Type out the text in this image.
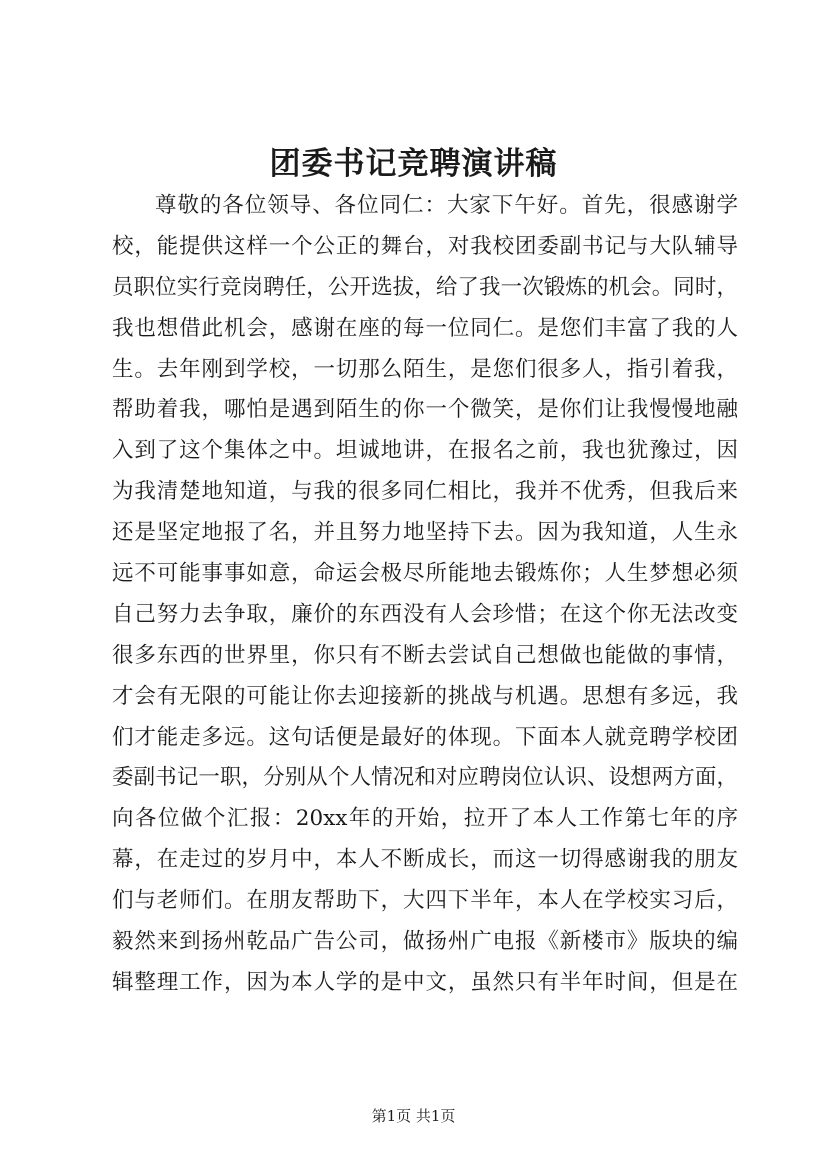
团委书记竞聘演讲稿
尊敬的各位领导、各位同仁：大家下午好。首先，很感谢学
校，能提供这样一个公正的舞台，对我校团委副书记与大队辅导
员职位实行竞岗聘任，公开选拔，给了我一次锻炼的机会。同时，
我也想借此机会，感谢在座的每一位同仁。是您们丰富了我的人
生。去年刚到学校，一切那么陌生，是您们很多人，指引着我，
帮助着我，哪怕是遇到陌生的你一个微笑，是你们让我慢慢地融
入到了这个集体之中。坦诚地讲，在报名之前，我也犹豫过，因
为我清楚地知道，与我的很多同仁相比，我并不优秀，但我后来
还是坚定地报了名，并且努力地坚持下去。因为我知道，人生永
远不可能事事如意，命运会极尽所能地去锻炼你；人生梦想必须
自己努力去争取，廉价的东西没有人会珍惜；在这个你无法改变
很多东西的世界里，你只有不断去尝试自己想做也能做的事情，
才会有无限的可能让你去迎接新的挑战与机遇。思想有多远，我
们才能走多远。这句话便是最好的体现。下面本人就竞聘学校团
委副书记一职，分别从个人情况和对应聘岗位认识、设想两方面，
向各位做个汇报：20xx年的开始，拉开了本人工作第七年的序
幕，在走过的岁月中，本人不断成长，而这一切得感谢我的朋友
们与老师们。在朋友帮助下，大四下半年，本人在学校实习后，
毅然来到扬州乾品广告公司，做扬州广电报《新楼市》版块的编
辑整理工作，因为本人学的是中文，虽然只有半年时间，但是在
第1页 共1页
